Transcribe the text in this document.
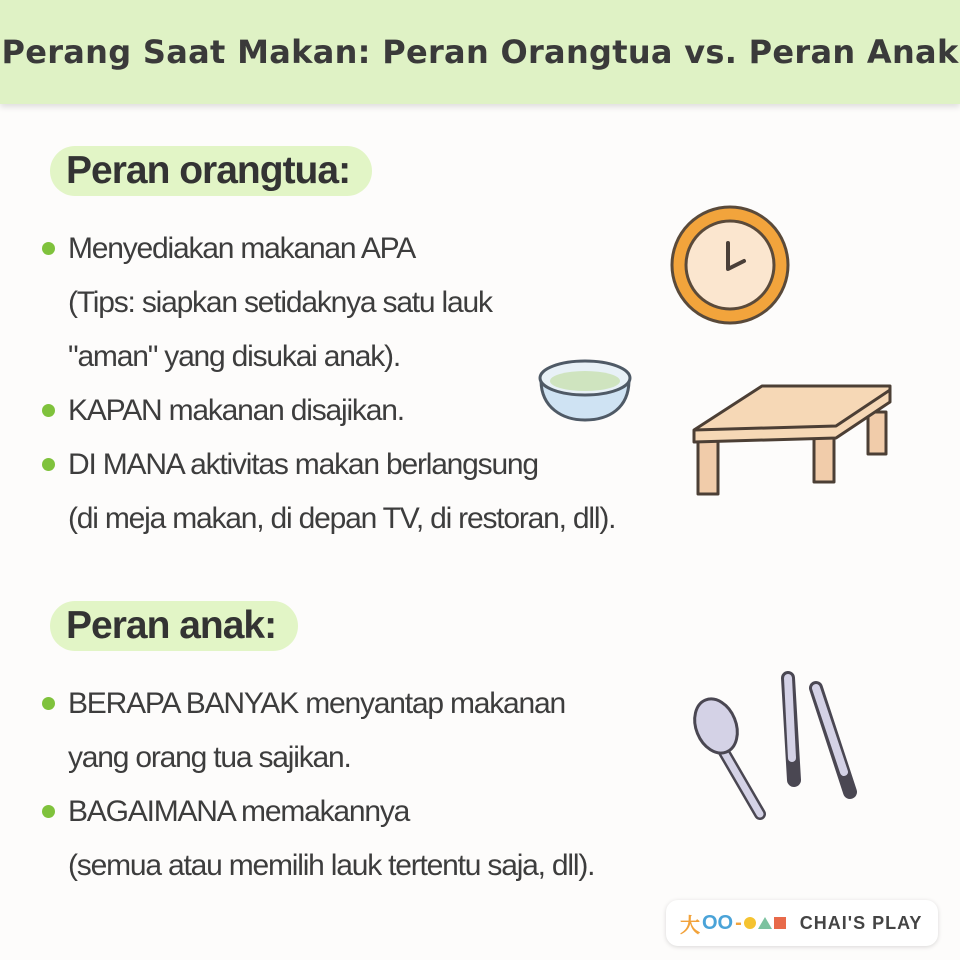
Perang Saat Makan: Peran Orangtua vs. Peran Anak
Peran orangtua:
Menyediakan makanan APA
(Tips: siapkan setidaknya satu lauk
"aman" yang disukai anak).
KAPAN makanan disajikan.
DI MANA aktivitas makan berlangsung
(di meja makan, di depan TV, di restoran, dll).
Peran anak:
BERAPA BANYAK menyantap makanan
yang orang tua sajikan.
BAGAIMANA memakannya
(semua atau memilih lauk tertentu saja, dll).
大 OO -	CHAI'S PLAY
